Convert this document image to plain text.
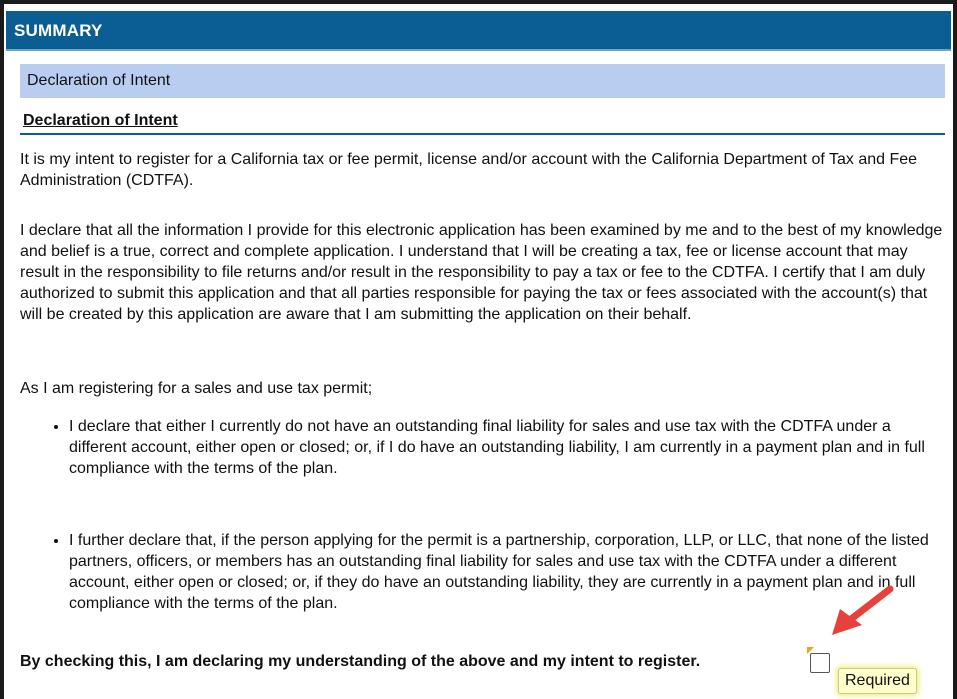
SUMMARY
Declaration of Intent
Declaration of Intent

It is my intent to register for a California tax or fee permit, license and/or account with the California Department of Tax and Fee Administration (CDTFA).

I declare that all the information I provide for this electronic application has been examined by me and to the best of my knowledge and belief is a true, correct and complete application. I understand that I will be creating a tax, fee or license account that may result in the responsibility to file returns and/or result in the responsibility to pay a tax or fee to the CDTFA. I certify that I am duly authorized to submit this application and that all parties responsible for paying the tax or fees associated with the account(s) that will be created by this application are aware that I am submitting the application on their behalf.

As I am registering for a sales and use tax permit;

• I declare that either I currently do not have an outstanding final liability for sales and use tax with the CDTFA under a different account, either open or closed; or, if I do have an outstanding liability, I am currently in a payment plan and in full compliance with the terms of the plan.
• I further declare that, if the person applying for the permit is a partnership, corporation, LLP, or LLC, that none of the listed partners, officers, or members has an outstanding final liability for sales and use tax with the CDTFA under a different account, either open or closed; or, if they do have an outstanding liability, they are currently in a payment plan and in full compliance with the terms of the plan.
By checking this, I am declaring my understanding of the above and my intent to register.
Required
